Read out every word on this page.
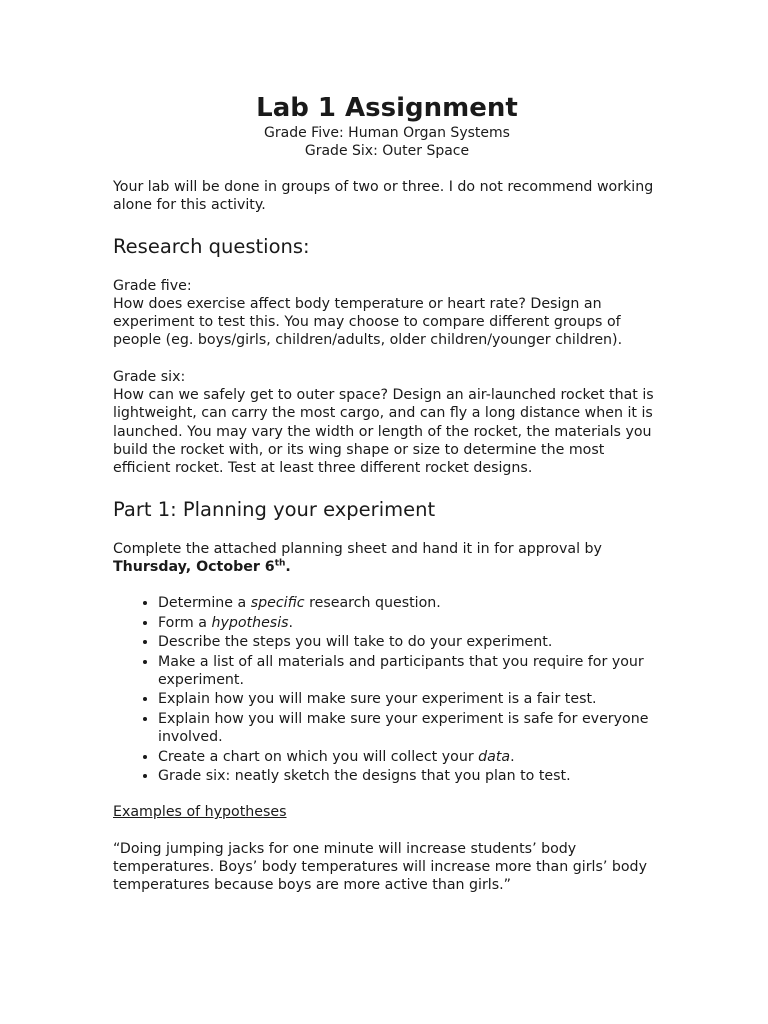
Lab 1 Assignment

Grade Five: Human Organ Systems

Grade Six: Outer Space

Your lab will be done in groups of two or three. I do not recommend working alone for this activity.

Research questions:

Grade five:

How does exercise affect body temperature or heart rate? Design an experiment to test this. You may choose to compare different groups of people (eg. boys/girls, children/adults, older children/younger children).

Grade six:

How can we safely get to outer space? Design an air-launched rocket that is lightweight, can carry the most cargo, and can fly a long distance when it is launched. You may vary the width or length of the rocket, the materials you build the rocket with, or its wing shape or size to determine the most efficient rocket. Test at least three different rocket designs.

Part 1: Planning your experiment

Complete the attached planning sheet and hand it in for approval by
Thursday, October 6th.

• Determine a specific research question.
• Form a hypothesis.
• Describe the steps you will take to do your experiment.
• Make a list of all materials and participants that you require for your experiment.
• Explain how you will make sure your experiment is a fair test.
• Explain how you will make sure your experiment is safe for everyone involved.
• Create a chart on which you will collect your data.
• Grade six: neatly sketch the designs that you plan to test.

Examples of hypotheses

“Doing jumping jacks for one minute will increase students’ body temperatures. Boys’ body temperatures will increase more than girls’ body temperatures because boys are more active than girls.”
